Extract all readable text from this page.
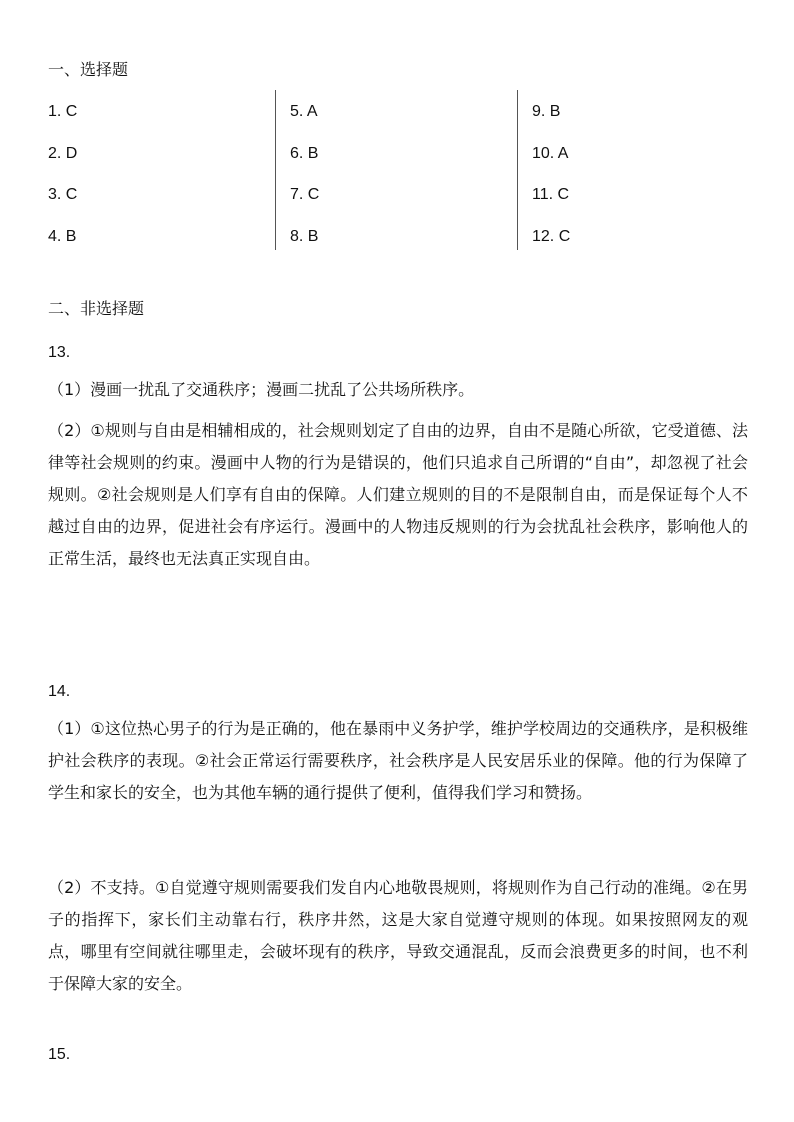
一、选择题
1. C
2. D
3. C
4. B
5. A
6. B
7. C
8. B
9. B
10. A
11. C
12. C
二、非选择题
13.

（1）漫画一扰乱了交通秩序；漫画二扰乱了公共场所秩序。

（2）①规则与自由是相辅相成的，社会规则划定了自由的边界，自由不是随心所欲，它受道德、法律等社会规则的约束。漫画中人物的行为是错误的，他们只追求自己所谓的“自由”，却忽视了社会规则。②社会规则是人们享有自由的保障。人们建立规则的目的不是限制自由，而是保证每个人不越过自由的边界，促进社会有序运行。漫画中的人物违反规则的行为会扰乱社会秩序，影响他人的正常生活，最终也无法真正实现自由。

14.

（1）①这位热心男子的行为是正确的，他在暴雨中义务护学，维护学校周边的交通秩序，是积极维护社会秩序的表现。②社会正常运行需要秩序，社会秩序是人民安居乐业的保障。他的行为保障了学生和家长的安全，也为其他车辆的通行提供了便利，值得我们学习和赞扬。

（2）不支持。①自觉遵守规则需要我们发自内心地敬畏规则，将规则作为自己行动的准绳。②在男子的指挥下，家长们主动靠右行，秩序井然，这是大家自觉遵守规则的体现。如果按照网友的观点，哪里有空间就往哪里走，会破坏现有的秩序，导致交通混乱，反而会浪费更多的时间，也不利于保障大家的安全。

15.
